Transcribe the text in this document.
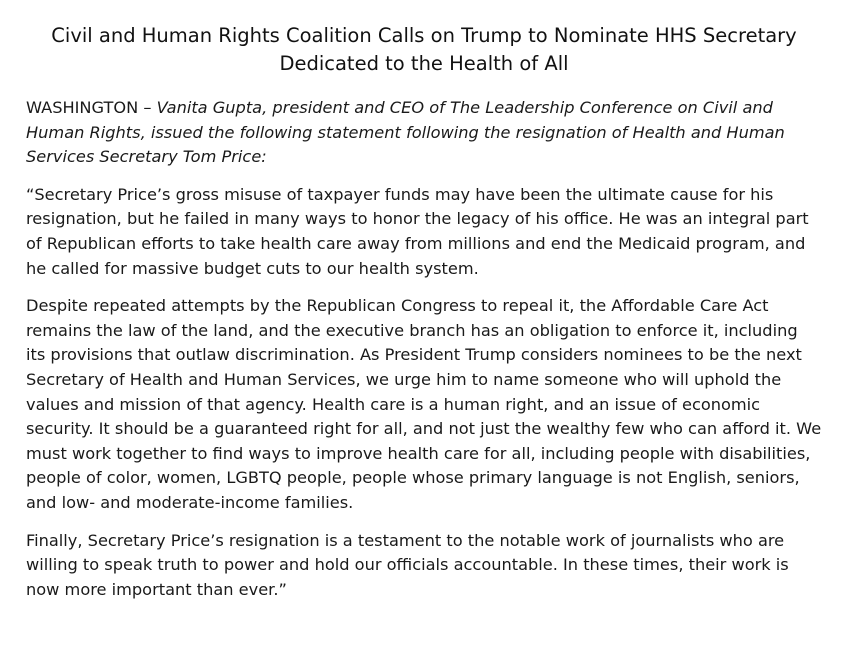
Civil and Human Rights Coalition Calls on Trump to Nominate HHS Secretary Dedicated to the Health of All

WASHINGTON – Vanita Gupta, president and CEO of The Leadership Conference on Civil and Human Rights, issued the following statement following the resignation of Health and Human Services Secretary Tom Price:

“Secretary Price’s gross misuse of taxpayer funds may have been the ultimate cause for his resignation, but he failed in many ways to honor the legacy of his office. He was an integral part of Republican efforts to take health care away from millions and end the Medicaid program, and he called for massive budget cuts to our health system.

Despite repeated attempts by the Republican Congress to repeal it, the Affordable Care Act remains the law of the land, and the executive branch has an obligation to enforce it, including its provisions that outlaw discrimination. As President Trump considers nominees to be the next Secretary of Health and Human Services, we urge him to name someone who will uphold the values and mission of that agency. Health care is a human right, and an issue of economic security. It should be a guaranteed right for all, and not just the wealthy few who can afford it. We must work together to find ways to improve health care for all, including people with disabilities, people of color, women, LGBTQ people, people whose primary language is not English, seniors, and low- and moderate-income families.

Finally, Secretary Price’s resignation is a testament to the notable work of journalists who are willing to speak truth to power and hold our officials accountable. In these times, their work is now more important than ever.”
